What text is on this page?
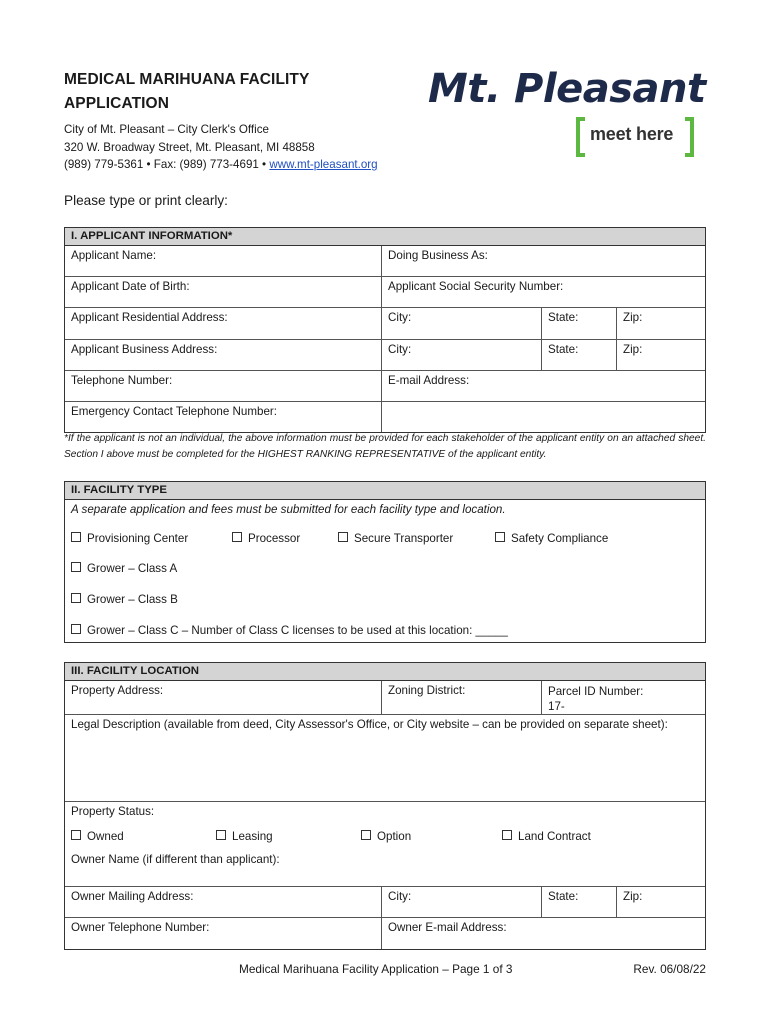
MEDICAL MARIHUANA FACILITY
APPLICATION
City of Mt. Pleasant – City Clerk's Office
320 W. Broadway Street, Mt. Pleasant, MI 48858
(989) 779-5361 • Fax: (989) 773-4691 • www.mt-pleasant.org
Mt. Pleasant
meet here
Please type or print clearly:
I. APPLICANT INFORMATION*
Applicant Name:	Doing Business As:
Applicant Date of Birth:	Applicant Social Security Number:
Applicant Residential Address:	City:	State:	Zip:
Applicant Business Address:	City:	State:	Zip:
Telephone Number:	E-mail Address:
Emergency Contact Telephone Number:
*If the applicant is not an individual, the above information must be provided for each stakeholder of the applicant entity on an attached sheet. Section I above must be completed for the HIGHEST RANKING REPRESENTATIVE of the applicant entity.
II. FACILITY TYPE
A separate application and fees must be submitted for each facility type and location.
Provisioning Center	Processor	Secure Transporter	Safety Compliance
Grower – Class A
Grower – Class B
Grower – Class C – Number of Class C licenses to be used at this location: _____
III. FACILITY LOCATION
Property Address:	Zoning District:	Parcel ID Number:
17-
Legal Description (available from deed, City Assessor's Office, or City website – can be provided on separate sheet):
Property Status:
Owned	Leasing	Option	Land Contract
Owner Name (if different than applicant):
Owner Mailing Address:	City:	State:	Zip:
Owner Telephone Number:	Owner E-mail Address:
Medical Marihuana Facility Application – Page 1 of 3	Rev. 06/08/22
